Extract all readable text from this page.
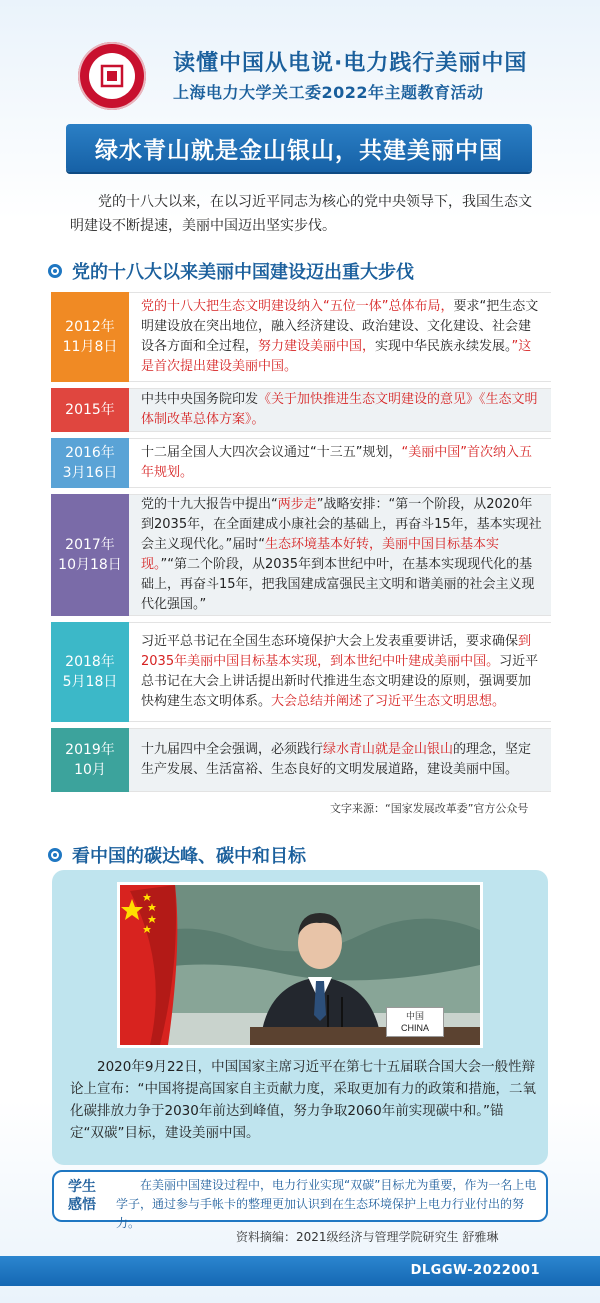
读懂中国从电说·电力践行美丽中国
上海电力大学关工委2022年主题教育活动
绿水青山就是金山银山，共建美丽中国
党的十八大以来，在以习近平同志为核心的党中央领导下，我国生态文明建设不断提速，美丽中国迈出坚实步伐。
党的十八大以来美丽中国建设迈出重大步伐
2012年
11月8日
党的十八大把生态文明建设纳入“五位一体”总体布局，要求“把生态文明建设放在突出地位，融入经济建设、政治建设、文化建设、社会建设各方面和全过程，努力建设美丽中国，实现中华民族永续发展。”这是首次提出建设美丽中国。
2015年
中共中央国务院印发《关于加快推进生态文明建设的意见》《生态文明体制改革总体方案》。
2016年
3月16日
十二届全国人大四次会议通过“十三五”规划，“美丽中国”首次纳入五年规划。
2017年
10月18日
党的十九大报告中提出“两步走”战略安排：“第一个阶段，从2020年到2035年，在全面建成小康社会的基础上，再奋斗15年，基本实现社会主义现代化。”届时“生态环境基本好转，美丽中国目标基本实现。”“第二个阶段，从2035年到本世纪中叶，在基本实现现代化的基础上，再奋斗15年，把我国建成富强民主文明和谐美丽的社会主义现代化强国。”
2018年
5月18日
习近平总书记在全国生态环境保护大会上发表重要讲话，要求确保到2035年美丽中国目标基本实现，到本世纪中叶建成美丽中国。习近平总书记在大会上讲话提出新时代推进生态文明建设的原则，强调要加快构建生态文明体系。大会总结并阐述了习近平生态文明思想。
2019年
10月
十九届四中全会强调，必须践行绿水青山就是金山银山的理念，坚定生产发展、生活富裕、生态良好的文明发展道路，建设美丽中国。
文字来源：“国家发展改革委”官方公众号
看中国的碳达峰、碳中和目标
中国
CHINA
2020年9月22日，中国国家主席习近平在第七十五届联合国大会一般性辩论上宣布：“中国将提高国家自主贡献力度，采取更加有力的政策和措施，二氧化碳排放力争于2030年前达到峰值，努力争取2060年前实现碳中和。”锚定“双碳”目标，建设美丽中国。
学生感悟
在美丽中国建设过程中，电力行业实现“双碳”目标尤为重要，作为一名上电学子，通过参与手帐卡的整理更加认识到在生态环境保护上电力行业付出的努力。
资料摘编：2021级经济与管理学院研究生 舒雅琳
DLGGW-2022001
